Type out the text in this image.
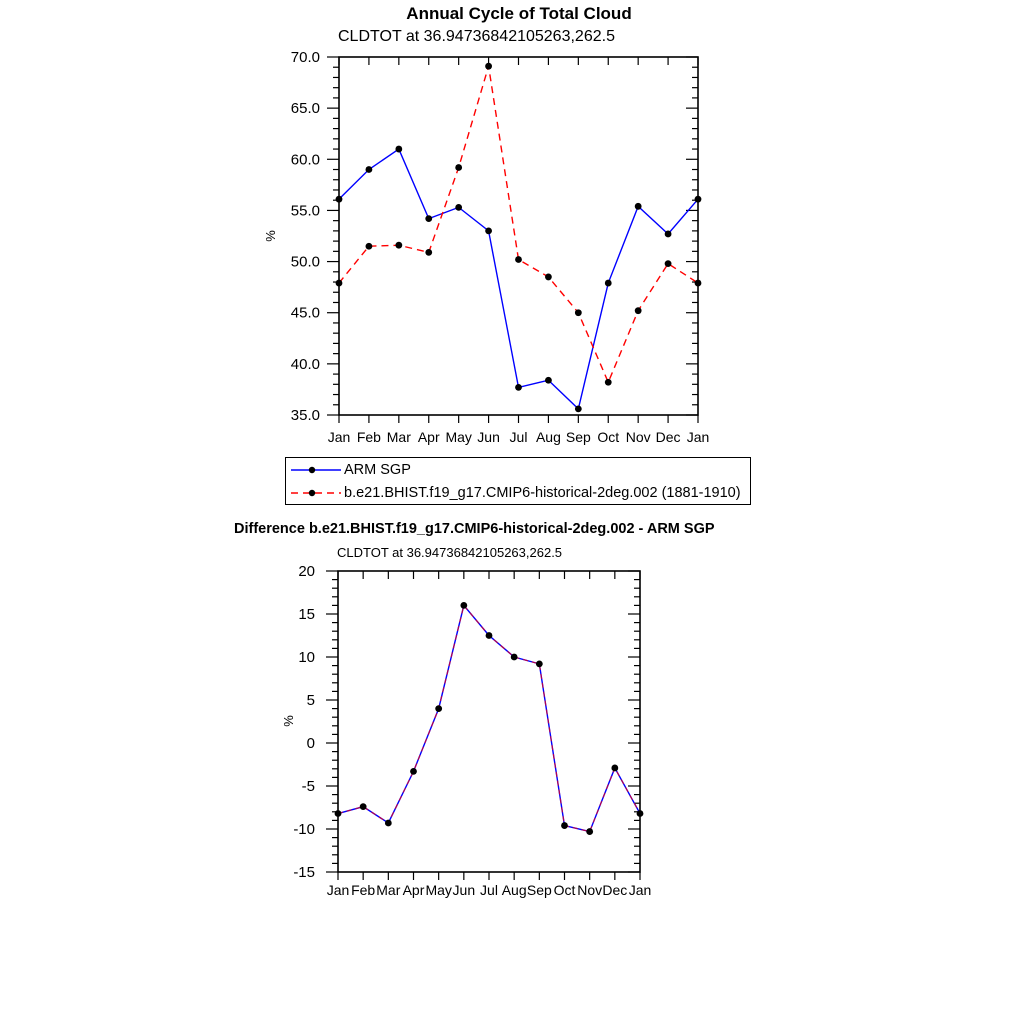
35.0
40.0
45.0
50.0
55.0
60.0
65.0
70.0
Jan Feb Mar Apr May Jun Jul Aug Sep Oct Nov Dec Jan
%
-15
-10
-5
0
5
10
15
20
Jan Feb Mar Apr May Jun Jul Aug Sep Oct Nov Dec Jan
%
Annual Cycle of Total Cloud
CLDTOT at 36.94736842105263,262.5
ARM SGP
b.e21.BHIST.f19_g17.CMIP6-historical-2deg.002 (1881-1910)
Difference b.e21.BHIST.f19_g17.CMIP6-historical-2deg.002 - ARM SGP
CLDTOT at 36.94736842105263,262.5
